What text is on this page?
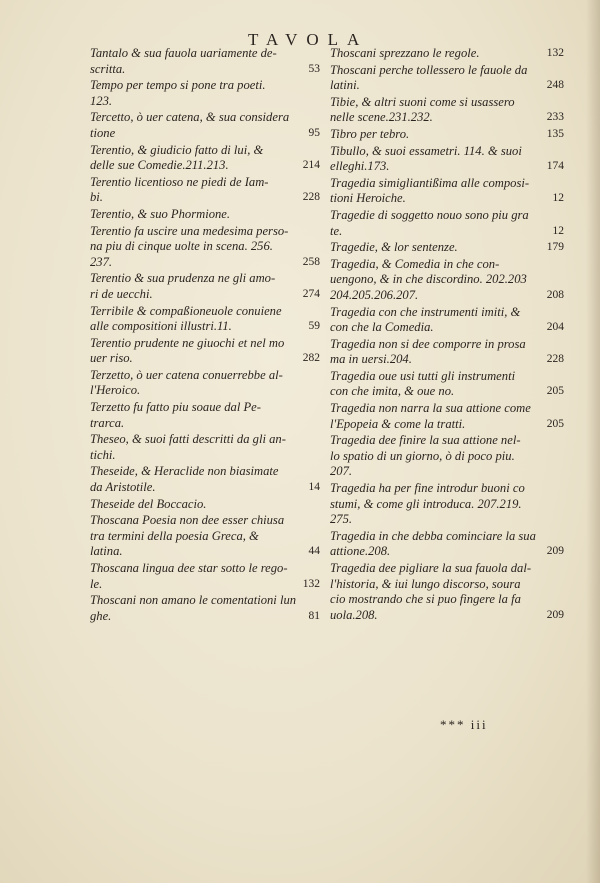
TAVOLA
Tantalo & sua fauola uariamente de-
scritta.	53
Tempo per tempo si pone tra poeti.
123.
Tercetto, ò uer catena, & sua considera
tione	95
Terentio, & giudicio fatto di lui, &
delle sue Comedie.211.213.	214
Terentio licentioso ne piedi de Iam-
bi.	228
Terentio, & suo Phormione.
Terentio fa uscire una medesima perso-
na piu di cinque uolte in scena. 256.
237.	258
Terentio & sua prudenza ne gli amo-
ri de uecchi.	274
Terribile & compaßioneuole conuiene
alle compositioni illustri.11.	59
Terentio prudente ne giuochi et nel mo
uer riso.	282
Terzetto, ò uer catena conuerrebbe al-
l'Heroico.
Terzetto fu fatto piu soaue dal Pe-
trarca.
Theseo, & suoi fatti descritti da gli an-
tichi.
Theseide, & Heraclide non biasimate
da Aristotile.	14
Theseide del Boccacio.
Thoscana Poesia non dee esser chiusa
tra termini della poesia Greca, &
latina.	44
Thoscana lingua dee star sotto le rego-
le.	132
Thoscani non amano le comentationi lun
ghe.	81
Thoscani sprezzano le regole.	132
Thoscani perche tollessero le fauole da
latini.	248
Tibie, & altri suoni come si usassero
nelle scene.231.232.	233
Tibro per tebro.	135
Tibullo, & suoi essametri. 114. & suoi
elleghi.173.	174
Tragedia simigliantißima alle composi-
tioni Heroiche.	12
Tragedie di soggetto nouo sono piu gra
te.	12
Tragedie, & lor sentenze.	179
Tragedia, & Comedia in che con-
uengono, & in che discordino. 202.203
204.205.206.207.	208
Tragedia con che instrumenti imiti, &
con che la Comedia.	204
Tragedia non si dee comporre in prosa
ma in uersi.204.	228
Tragedia oue usi tutti gli instrumenti
con che imita, & oue no.	205
Tragedia non narra la sua attione come
l'Epopeia & come la tratti.	205
Tragedia dee finire la sua attione nel-
lo spatio di un giorno, ò di poco piu.
207.
Tragedia ha per fine introdur buoni co
stumi, & come gli introduca. 207.219.
275.
Tragedia in che debba cominciare la sua
attione.208.	209
Tragedia dee pigliare la sua fauola dal-
l'historia, & iui lungo discorso, soura
cio mostrando che si puo fingere la fa
uola.208.	209
*** iii
